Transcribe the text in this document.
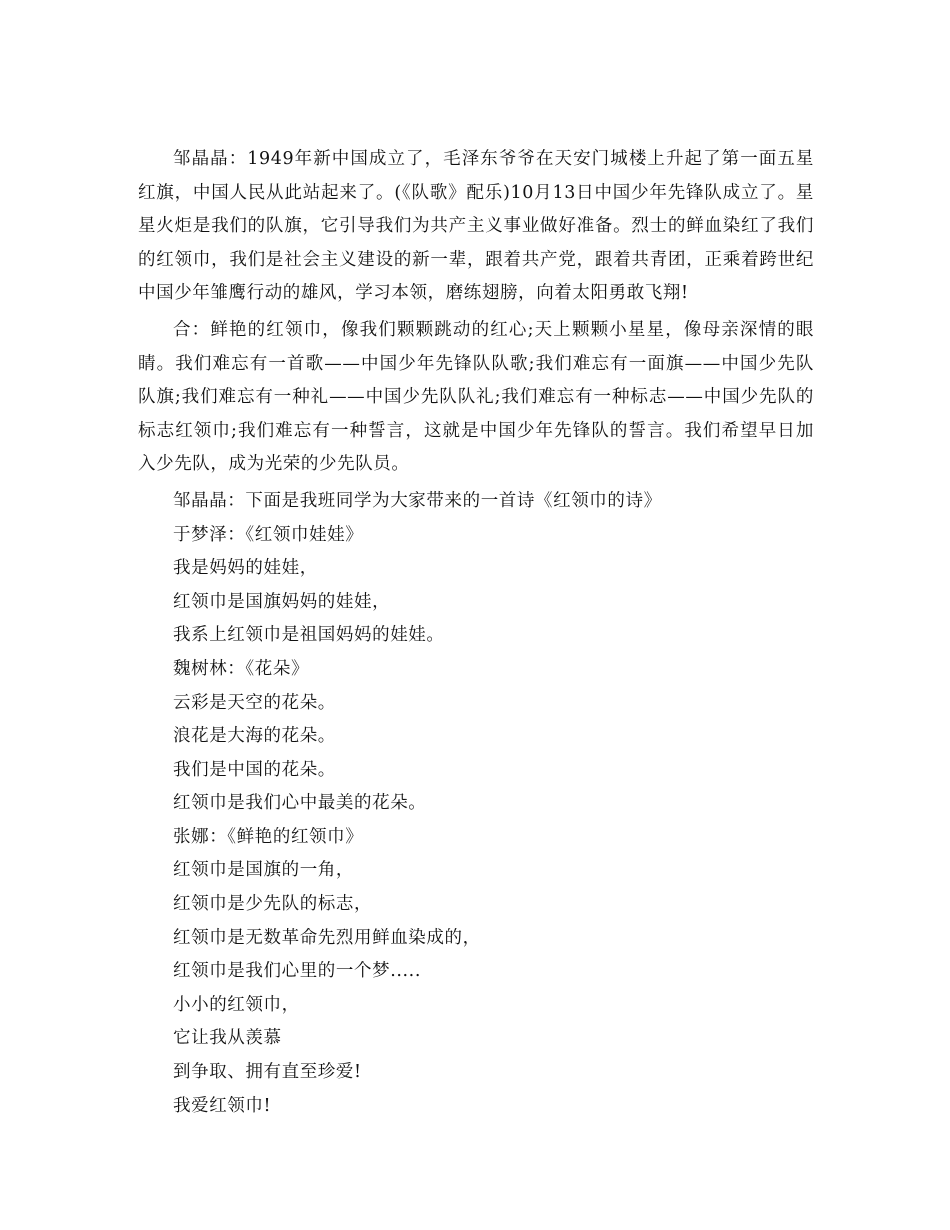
邹晶晶：1949年新中国成立了，毛泽东爷爷在天安门城楼上升起了第一面五星红旗，中国人民从此站起来了。(《队歌》配乐)10月13日中国少年先锋队成立了。星星火炬是我们的队旗，它引导我们为共产主义事业做好准备。烈士的鲜血染红了我们的红领巾，我们是社会主义建设的新一辈，跟着共产党，跟着共青团，正乘着跨世纪中国少年雏鹰行动的雄风，学习本领，磨练翅膀，向着太阳勇敢飞翔!

合：鲜艳的红领巾，像我们颗颗跳动的红心;天上颗颗小星星，像母亲深情的眼睛。我们难忘有一首歌——中国少年先锋队队歌;我们难忘有一面旗——中国少先队队旗;我们难忘有一种礼——中国少先队队礼;我们难忘有一种标志——中国少先队的标志红领巾;我们难忘有一种誓言，这就是中国少年先锋队的誓言。我们希望早日加入少先队，成为光荣的少先队员。

邹晶晶：下面是我班同学为大家带来的一首诗《红领巾的诗》
于梦泽：《红领巾娃娃》
我是妈妈的娃娃，
红领巾是国旗妈妈的娃娃，
我系上红领巾是祖国妈妈的娃娃。
魏树林：《花朵》
云彩是天空的花朵。
浪花是大海的花朵。
我们是中国的花朵。
红领巾是我们心中最美的花朵。
张娜：《鲜艳的红领巾》
红领巾是国旗的一角，
红领巾是少先队的标志，
红领巾是无数革命先烈用鲜血染成的，
红领巾是我们心里的一个梦.....
小小的红领巾，
它让我从羡慕
到争取、拥有直至珍爱!
我爱红领巾!
